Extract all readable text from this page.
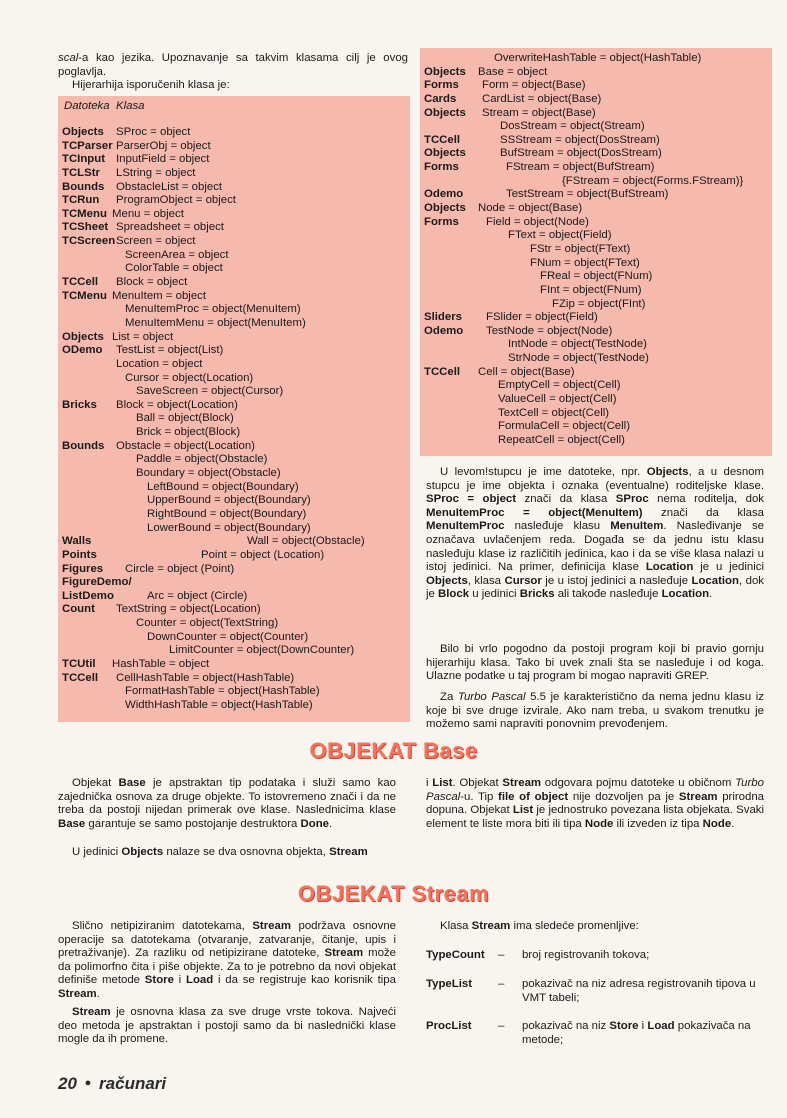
scal-a kao jezika. Upoznavanje sa takvim klasama cilj je ovog poglavlja.
Hijerarhija isporučenih klasa je:
Datoteka Klasa
Objects SProc = object
TCParser ParserObj = object
TCInput InputField = object
TCLStr LString = object
Bounds ObstacleList = object
TCRun ProgramObject = object
TCMenu Menu = object
TCSheet Spreadsheet = object
TCScreen Screen = object
ScreenArea = object
ColorTable = object
TCCell Block = object
TCMenu MenuItem = object
MenuItemProc = object(MenuItem)
MenuItemMenu = object(MenuItem)
Objects List = object
ODemo TestList = object(List)
Location = object
Cursor = object(Location)
SaveScreen = object(Cursor)
Bricks Block = object(Location)
Ball = object(Block)
Brick = object(Block)
Bounds Obstacle = object(Location)
Paddle = object(Obstacle)
Boundary = object(Obstacle)
LeftBound = object(Boundary)
UpperBound = object(Boundary)
RightBound = object(Boundary)
LowerBound = object(Boundary)
Walls	Wall = object(Obstacle)
Points	Point = object (Location)
Figures Circle = object (Point)
FigureDemo/
ListDemo	Arc = object (Circle)
Count TextString = object(Location)
Counter = object(TextString)
DownCounter = object(Counter)
LimitCounter = object(DownCounter)
TCUtil HashTable = object
TCCell CellHashTable = object(HashTable)
FormatHashTable = object(HashTable)
WidthHashTable = object(HashTable)
OverwriteHashTable = object(HashTable)
Objects Base = object
Forms Form = object(Base)
Cards CardList = object(Base)
Objects Stream = object(Base)
DosStream = object(Stream)
TCCell	SSStream = object(DosStream)
Objects	BufStream = object(DosStream)
Forms	FStream = object(BufStream)
{FStream = object(Forms.FStream)}
Odemo	TestStream = object(BufStream)
Objects Node = object(Base)
Forms Field = object(Node)
FText = object(Field)
FStr = object(FText)
FNum = object(FText)
FReal = object(FNum)
FInt = object(FNum)
FZip = object(FInt)
Sliders FSlider = object(Field)
Odemo TestNode = object(Node)
IntNode = object(TestNode)
StrNode = object(TestNode)
TCCell Cell = object(Base)
EmptyCell = object(Cell)
ValueCell = object(Cell)
TextCell = object(Cell)
FormulaCell = object(Cell)
RepeatCell = object(Cell)
U levom!stupcu je ime datoteke, npr. Objects, a u desnom stupcu je ime objekta i oznaka (eventualne) roditeljske klase. SProc = object znači da klasa SProc nema roditelja, dok MenuItemProc = object(MenuItem) znači da klasa MenuItemProc nasleđuje klasu MenuItem. Nasleđivanje se označava uvlačenjem reda. Događa se da jednu istu klasu nasleđuju klase iz različitih jedinica, kao i da se više klasa nalazi u istoj jedinici. Na primer, definicija klase Location je u jedinici Objects, klasa Cursor je u istoj jedinici a nasleđuje Location, dok je Block u jedinici Bricks ali takođe nasleđuje Location.
Bilo bi vrlo pogodno da postoji program koji bi pravio gornju hijerarhiju klasa. Tako bi uvek znali šta se nasleđuje i od koga. Ulazne podatke u taj program bi mogao napraviti GREP.
Za Turbo Pascal 5.5 je karakteristično da nema jednu klasu iz koje bi sve druge izvirale. Ako nam treba, u svakom trenutku je možemo sami napraviti ponovnim prevođenjem.
OBJEKAT Base
Objekat Base je apstraktan tip podataka i služi samo kao zajednička osnova za druge objekte. To istovremeno znači i da ne treba da postoji nijedan primerak ove klase. Naslednicima klase Base garantuje se samo postojanje destruktora Done.
U jedinici Objects nalaze se dva osnovna objekta, Stream
i List. Objekat Stream odgovara pojmu datoteke u običnom Turbo Pascal-u. Tip file of object nije dozvoljen pa je Stream prirodna dopuna. Objekat List je jednostruko povezana lista objekata. Svaki element te liste mora biti ili tipa Node ili izveden iz tipa Node.
OBJEKAT Stream
Slično netipiziranim datotekama, Stream podržava osnovne operacije sa datotekama (otvaranje, zatvaranje, čitanje, upis i pretraživanje). Za razliku od netipizirane datoteke, Stream može da polimorfno čita i piše objekte. Za to je potrebno da novi objekat definiše metode Store i Load i da se registruje kao korisnik tipa Stream.
Stream je osnovna klasa za sve druge vrste tokova. Najveći deo metoda je apstraktan i postoji samo da bi naslednički klase mogle da ih promene.
Klasa Stream ima sledeće promenljive:
TypeCount – broj registrovanih tokova;
TypeList – pokazivač na niz adresa registrovanih tipova u VMT tabeli;
ProcList – pokazivač na niz Store i Load pokazivača na metode;
20 ● računari
